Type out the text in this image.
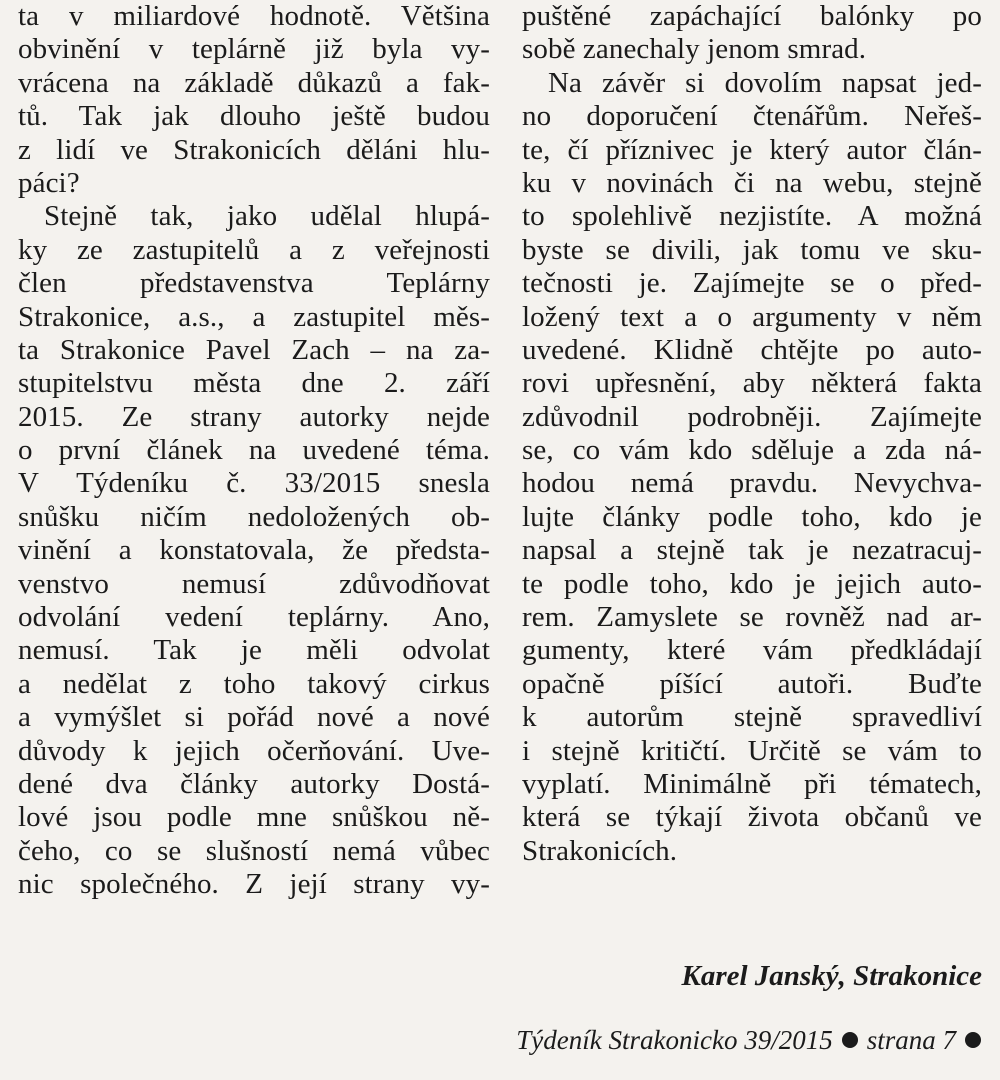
ta v miliardové hodnotě. Většina
obvinění v teplárně již byla vy-
vrácena na základě důkazů a fak-
tů. Tak jak dlouho ještě budou
z lidí ve Strakonicích děláni hlu-
páci?
Stejně tak, jako udělal hlupá-
ky ze zastupitelů a z veřejnosti
člen představenstva Teplárny
Strakonice, a.s., a zastupitel měs-
ta Strakonice Pavel Zach – na za-
stupitelstvu města dne 2. září
2015. Ze strany autorky nejde
o první článek na uvedené téma.
V Týdeníku č. 33/2015 snesla
snůšku ničím nedoložených ob-
vinění a konstatovala, že předsta-
venstvo nemusí zdůvodňovat
odvolání vedení teplárny. Ano,
nemusí. Tak je měli odvolat
a nedělat z toho takový cirkus
a vymýšlet si pořád nové a nové
důvody k jejich očerňování. Uve-
dené dva články autorky Dostá-
lové jsou podle mne snůškou ně-
čeho, co se slušností nemá vůbec
nic společného. Z její strany vy-
puštěné zapáchající balónky po
sobě zanechaly jenom smrad.
Na závěr si dovolím napsat jed-
no doporučení čtenářům. Neřeš-
te, čí příznivec je který autor člán-
ku v novinách či na webu, stejně
to spolehlivě nezjistíte. A možná
byste se divili, jak tomu ve sku-
tečnosti je. Zajímejte se o před-
ložený text a o argumenty v něm
uvedené. Klidně chtějte po auto-
rovi upřesnění, aby některá fakta
zdůvodnil podrobněji. Zajímejte
se, co vám kdo sděluje a zda ná-
hodou nemá pravdu. Nevychva-
lujte články podle toho, kdo je
napsal a stejně tak je nezatracuj-
te podle toho, kdo je jejich auto-
rem. Zamyslete se rovněž nad ar-
gumenty, které vám předkládají
opačně píšící autoři. Buďte
k autorům stejně spravedliví
i stejně kritičtí. Určitě se vám to
vyplatí. Minimálně při tématech,
která se týkají života občanů ve
Strakonicích.
Karel Janský, Strakonice
Týdeník Strakonicko 39/2015 strana 7
